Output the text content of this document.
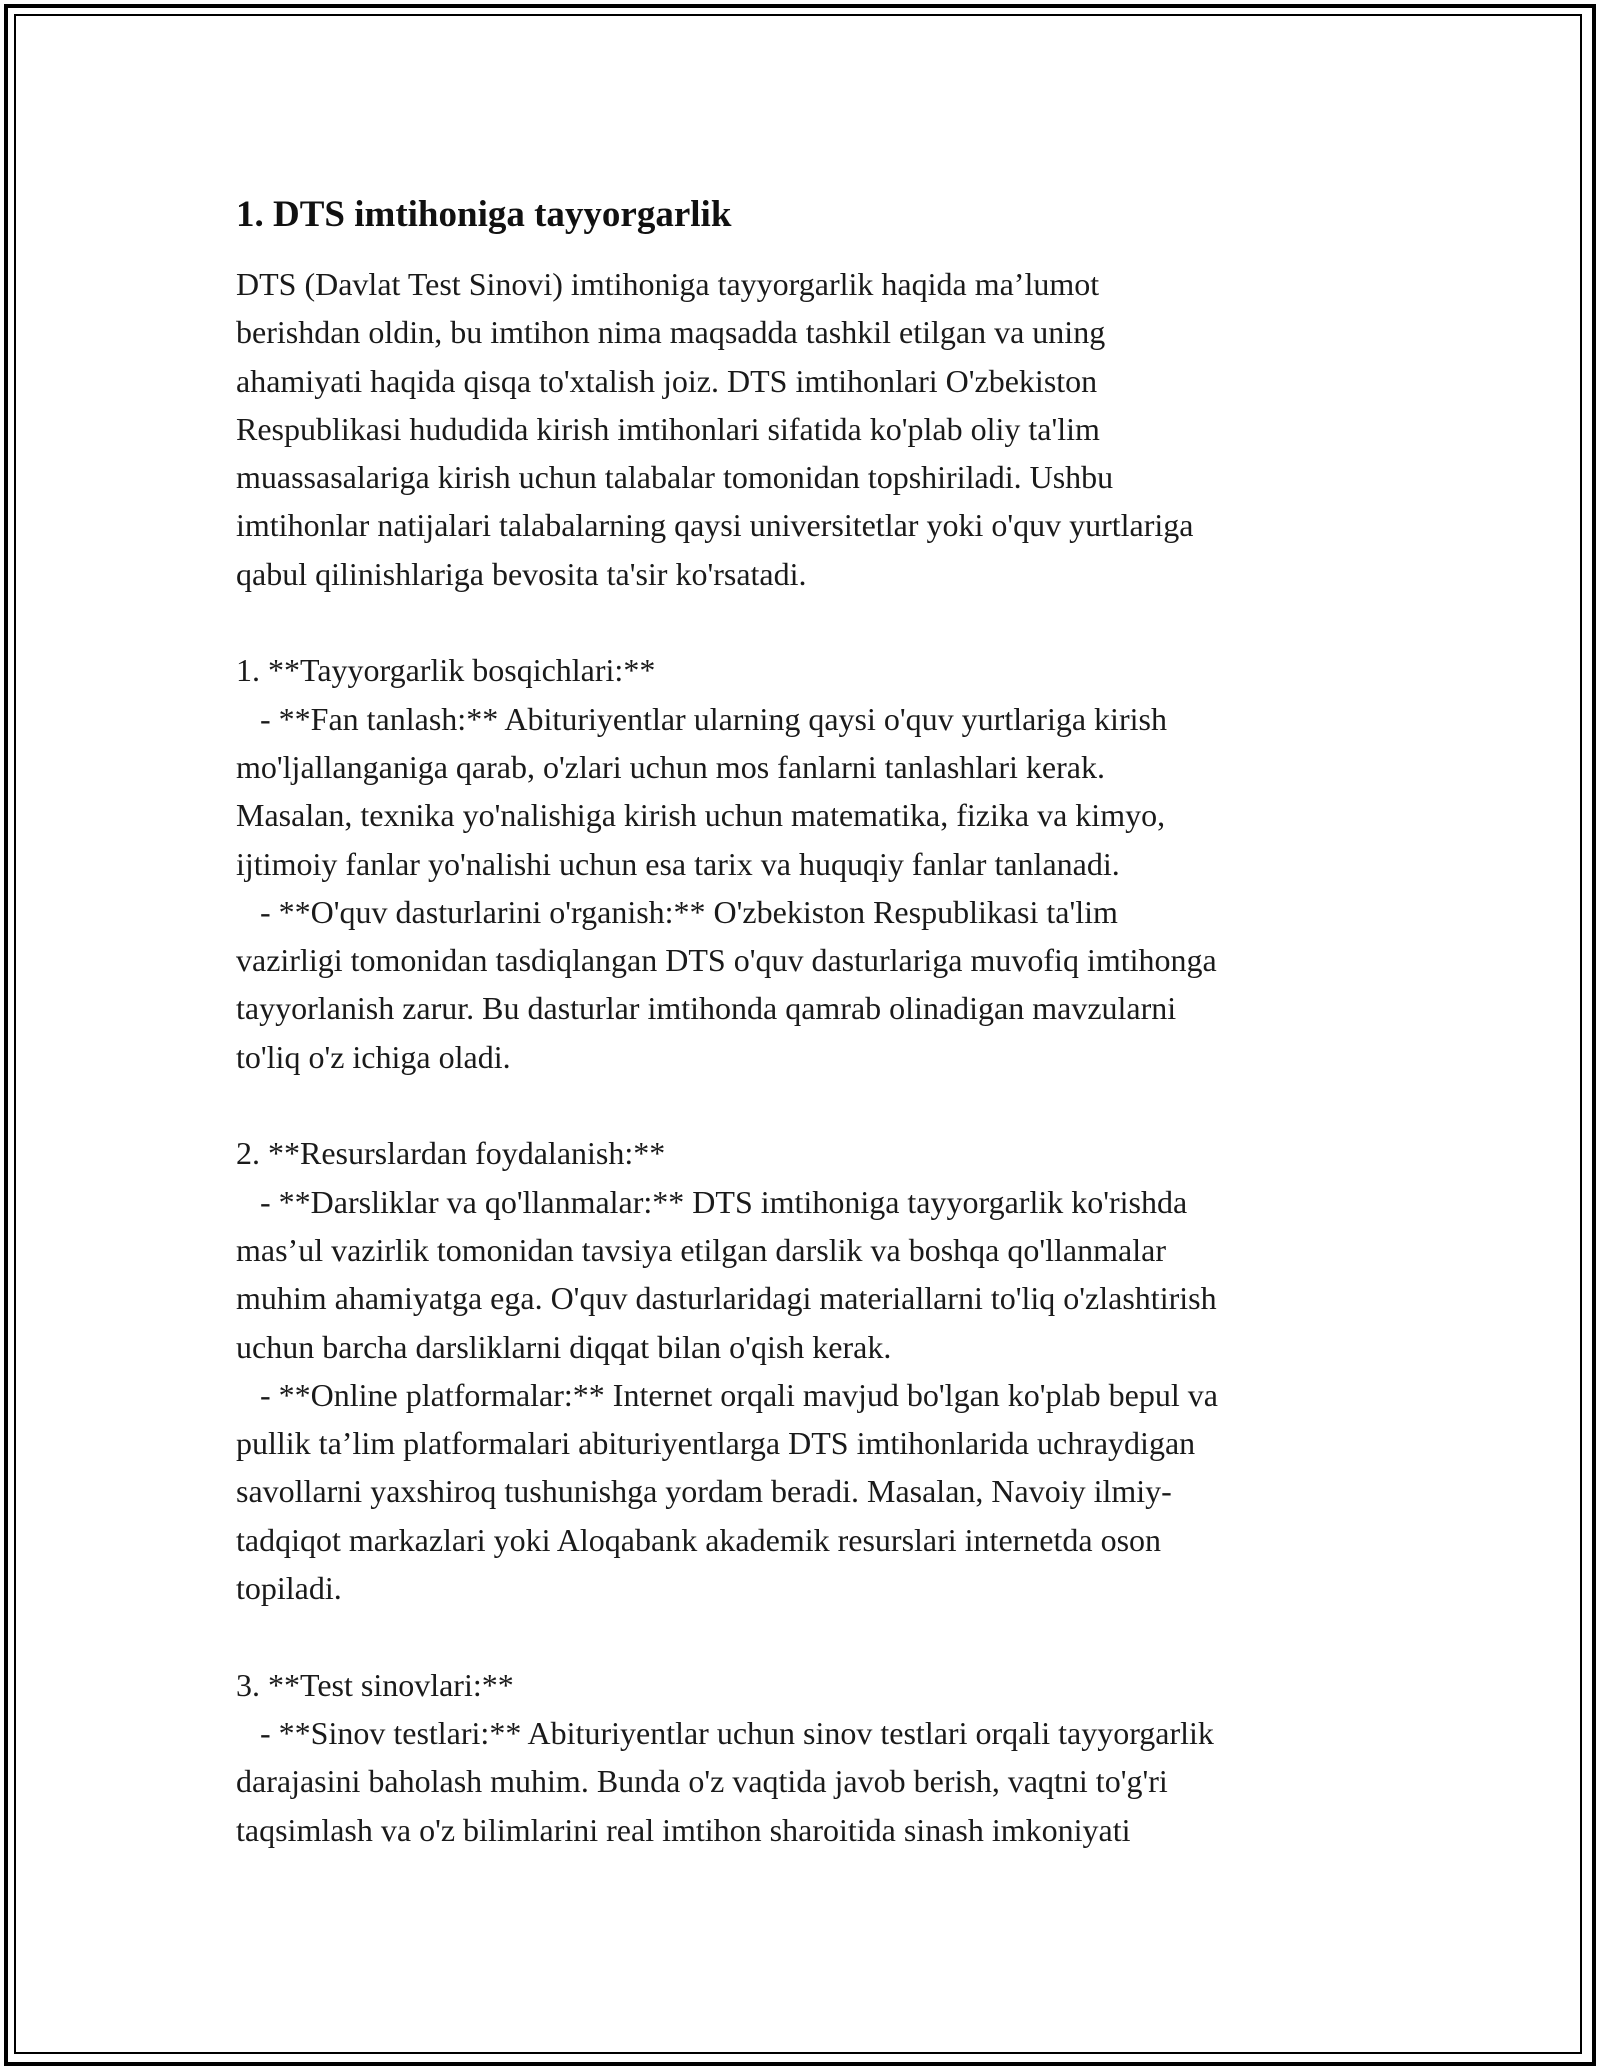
1. DTS imtihoniga tayyorgarlik
DTS (Davlat Test Sinovi) imtihoniga tayyorgarlik haqida ma’lumot
berishdan oldin, bu imtihon nima maqsadda tashkil etilgan va uning
ahamiyati haqida qisqa to'xtalish joiz. DTS imtihonlari O'zbekiston
Respublikasi hududida kirish imtihonlari sifatida ko'plab oliy ta'lim
muassasalariga kirish uchun talabalar tomonidan topshiriladi. Ushbu
imtihonlar natijalari talabalarning qaysi universitetlar yoki o'quv yurtlariga
qabul qilinishlariga bevosita ta'sir ko'rsatadi.
1. **Tayyorgarlik bosqichlari:**
- **Fan tanlash:** Abituriyentlar ularning qaysi o'quv yurtlariga kirish
mo'ljallanganiga qarab, o'zlari uchun mos fanlarni tanlashlari kerak.
Masalan, texnika yo'nalishiga kirish uchun matematika, fizika va kimyo,
ijtimoiy fanlar yo'nalishi uchun esa tarix va huquqiy fanlar tanlanadi.
- **O'quv dasturlarini o'rganish:** O'zbekiston Respublikasi ta'lim
vazirligi tomonidan tasdiqlangan DTS o'quv dasturlariga muvofiq imtihonga
tayyorlanish zarur. Bu dasturlar imtihonda qamrab olinadigan mavzularni
to'liq o'z ichiga oladi.
2. **Resurslardan foydalanish:**
- **Darsliklar va qo'llanmalar:** DTS imtihoniga tayyorgarlik ko'rishda
mas’ul vazirlik tomonidan tavsiya etilgan darslik va boshqa qo'llanmalar
muhim ahamiyatga ega. O'quv dasturlaridagi materiallarni to'liq o'zlashtirish
uchun barcha darsliklarni diqqat bilan o'qish kerak.
- **Online platformalar:** Internet orqali mavjud bo'lgan ko'plab bepul va
pullik ta’lim platformalari abituriyentlarga DTS imtihonlarida uchraydigan
savollarni yaxshiroq tushunishga yordam beradi. Masalan, Navoiy ilmiy-
tadqiqot markazlari yoki Aloqabank akademik resurslari internetda oson
topiladi.
3. **Test sinovlari:**
- **Sinov testlari:** Abituriyentlar uchun sinov testlari orqali tayyorgarlik
darajasini baholash muhim. Bunda o'z vaqtida javob berish, vaqtni to'g'ri
taqsimlash va o'z bilimlarini real imtihon sharoitida sinash imkoniyati
